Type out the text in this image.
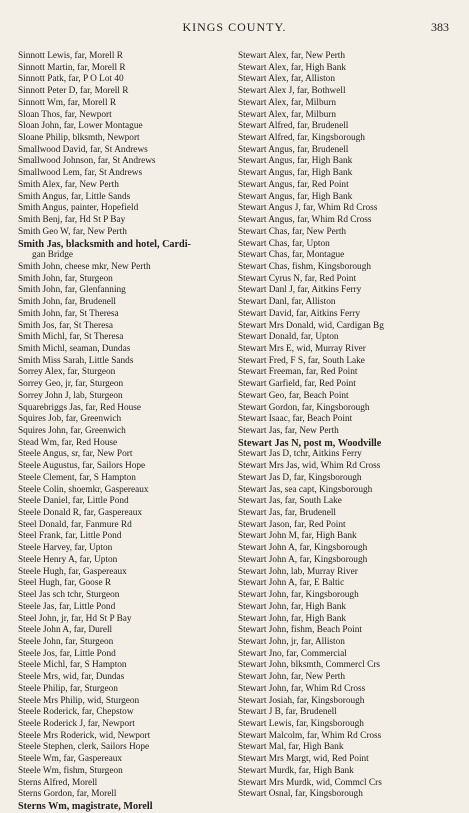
KINGS COUNTY.	383
Sinnott Lewis, far, Morell R
Sinnott Martin, far, Morell R
Sinnott Patk, far, P O Lot 40
Sinnott Peter D, far, Morell R
Sinnott Wm, far, Morell R
Sloan Thos, far, Newport
Sloan John, far, Lower Montague
Sloane Philip, blksmth, Newport
Smallwood David, far, St Andrews
Smallwood Johnson, far, St Andrews
Smallwood Lem, far, St Andrews
Smith Alex, far, New Perth
Smith Angus, far, Little Sands
Smith Angus, painter, Hopefield
Smith Benj, far, Hd St P Bay
Smith Geo W, far, New Perth
Smith Jas, blacksmith and hotel, Cardi-
gan Bridge
Smith John, cheese mkr, New Perth
Smith John, far, Sturgeon
Smith John, far, Glenfanning
Smith John, far, Brudenell
Smith John, far, St Theresa
Smith Jos, far, St Theresa
Smith Michl, far, St Theresa
Smith Michl, seaman, Dundas
Smith Miss Sarah, Little Sands
Sorrey Alex, far, Sturgeon
Sorrey Geo, jr, far, Sturgeon
Sorrey John J, lab, Sturgeon
Squarebriggs Jas, far, Red House
Squires Job, far, Greenwich
Squires John, far, Greenwich
Stead Wm, far, Red House
Steele Angus, sr, far, New Port
Steele Augustus, far, Sailors Hope
Steele Clement, far, S Hampton
Steele Colin, shoemkr, Gaspereaux
Steele Daniel, far, Little Pond
Steele Donald R, far, Gaspereaux
Steel Donald, far, Fanmure Rd
Steel Frank, far, Little Pond
Steele Harvey, far, Upton
Steele Henry A, far, Upton
Steele Hugh, far, Gaspereaux
Steel Hugh, far, Goose R
Steel Jas sch tchr, Sturgeon
Steele Jas, far, Little Pond
Steel John, jr, far, Hd St P Bay
Steele John A, far, Durell
Steele John, far, Sturgeon
Steele Jos, far, Little Pond
Steele Michl, far, S Hampton
Steele Mrs, wid, far, Dundas
Steele Philip, far, Sturgeon
Steele Mrs Philip, wid, Sturgeon
Steele Roderick, far, Chepstow
Steele Roderick J, far, Newport
Steele Mrs Roderick, wid, Newport
Steele Stephen, clerk, Sailors Hope
Steele Wm, far, Gaspereaux
Steele Wm, fishm, Sturgeon
Sterns Alfred, Morell
Sterns Gordon, far, Morell
Sterns Wm, magistrate, Morell
Stewart Alex, far, New Perth
Stewart Alex, far, High Bank
Stewart Alex, far, Alliston
Stewart Alex J, far, Bothwell
Stewart Alex, far, Milburn
Stewart Alex, far, Milburn
Stewart Alfred, far, Brudenell
Stewart Alfred, far, Kingsborough
Stewart Angus, far, Brudenell
Stewart Angus, far, High Bank
Stewart Angus, far, High Bank
Stewart Angus, far, Red Point
Stewart Angus, far, High Bank
Stewart Angus J, far, Whim Rd Cross
Stewart Angus, far, Whim Rd Cross
Stewart Chas, far, New Perth
Stewart Chas, far, Upton
Stewart Chas, far, Montague
Stewart Chas, fishm, Kingsborough
Stewart Cyrus N, far, Red Point
Stewart Danl J, far, Aitkins Ferry
Stewart Danl, far, Alliston
Stewart David, far, Aitkins Ferry
Stewart Mrs Donald, wid, Cardigan Bg
Stewart Donald, far, Upton
Stewart Mrs E, wid, Murray River
Stewart Fred, F S, far, South Lake
Stewart Freeman, far, Red Point
Stewart Garfield, far, Red Point
Stewart Geo, far, Beach Point
Stewart Gordon, far, Kingsborough
Stewart Isaac, far, Beach Point
Stewart Jas, far, New Perth
Stewart Jas N, post m, Woodville
Stewart Jas D, tchr, Aitkins Ferry
Stewart Mrs Jas, wid, Whim Rd Cross
Stewart Jas D, far, Kingsborough
Stewart Jas, sea capt, Kingsborough
Stewart Jas, far, South Lake
Stewart Jas, far, Brudenell
Stewart Jason, far, Red Point
Stewart John M, far, High Bank
Stewart John A, far, Kingsborough
Stewart John A, far, Kingsborough
Stewart John, lab, Murray River
Stewart John A, far, E Baltic
Stewart John, far, Kingsborough
Stewart John, far, High Bank
Stewart John, far, High Bank
Stewart John, fishm, Beach Point
Stewart John, jr, far, Alliston
Stewart Jno, far, Commercial
Stewart John, blksmth, Commercl Crs
Stewart John, far, New Perth
Stewart John, far, Whim Rd Cross
Stewart Josiah, far, Kingsborough
Stewart J B, far, Brudenell
Stewart Lewis, far, Kingsborough
Stewart Malcolm, far, Whim Rd Cross
Stewart Mal, far, High Bank
Stewart Mrs Margt, wid, Red Point
Stewart Murdk, far, High Bank
Stewart Mrs Murdk, wid, Commcl Crs
Stewart Osnal, far, Kingsborough
